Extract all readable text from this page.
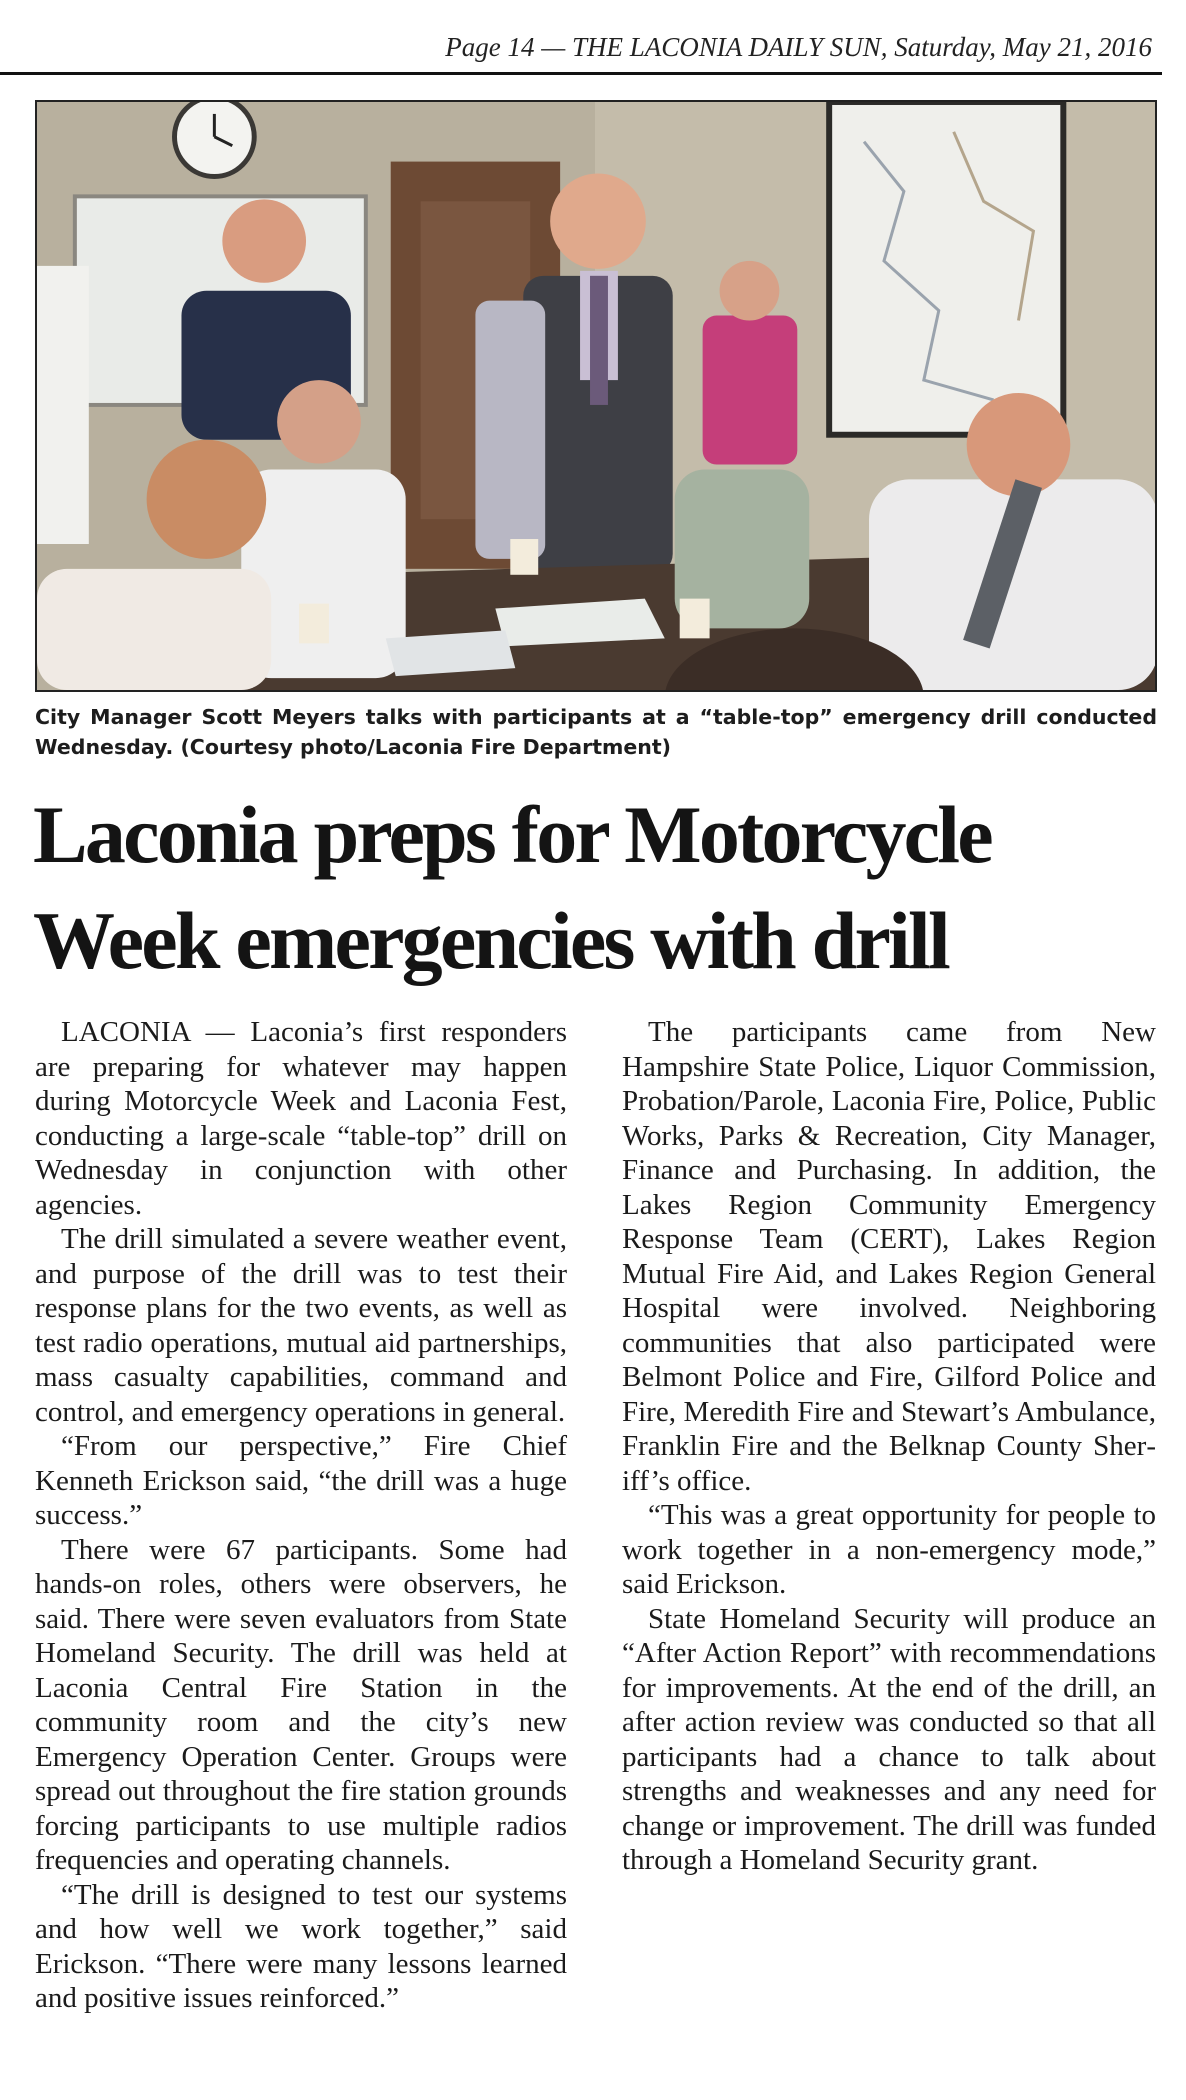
Page 14 — THE LACONIA DAILY SUN, Saturday, May 21, 2016
City Manager Scott Meyers talks with participants at a “table-top” emergency drill conducted Wednesday. (Courtesy photo/Laconia Fire Department)
Laconia preps for Motorcycle Week emergencies with drill

LACONIA — Laconia’s first responders are preparing for whatever may happen during Motorcycle Week and Laconia Fest, conducting a large-scale “table-top” drill on Wednesday in conjunction with other agencies.

The drill simulated a severe weather event, and purpose of the drill was to test their response plans for the two events, as well as test radio operations, mutual aid partnerships, mass casualty capabilities, command and control, and emergency operations in general.

“From our perspective,” Fire Chief Kenneth Erickson said, “the drill was a huge success.”

There were 67 participants. Some had hands-on roles, others were observers, he said. There were seven evaluators from State Homeland Security. The drill was held at Laconia Central Fire Station in the community room and the city’s new Emergency Operation Center. Groups were spread out throughout the fire station grounds forcing participants to use multiple radios frequencies and operating channels.

“The drill is designed to test our systems and how well we work together,” said Erickson. “There were many lessons learned and positive issues reinforced.”

The participants came from New Hampshire State Police, Liquor Commission, Probation/Parole, Laconia Fire, Police, Public Works, Parks & Recreation, City Manager, Finance and Purchasing. In addition, the Lakes Region Community Emergency Response Team (CERT), Lakes Region Mutual Fire Aid, and Lakes Region General Hospital were involved. Neighboring communities that also participated were Belmont Police and Fire, Gilford Police and Fire, Meredith Fire and Stewart’s Ambulance, Franklin Fire and the Belknap County Sheriff’s office.

“This was a great opportunity for people to work together in a non-emergency mode,” said Erickson.

State Homeland Security will produce an “After Action Report” with recommendations for improvements. At the end of the drill, an after action review was conducted so that all participants had a chance to talk about strengths and weaknesses and any need for change or improvement. The drill was funded through a Homeland Security grant.
